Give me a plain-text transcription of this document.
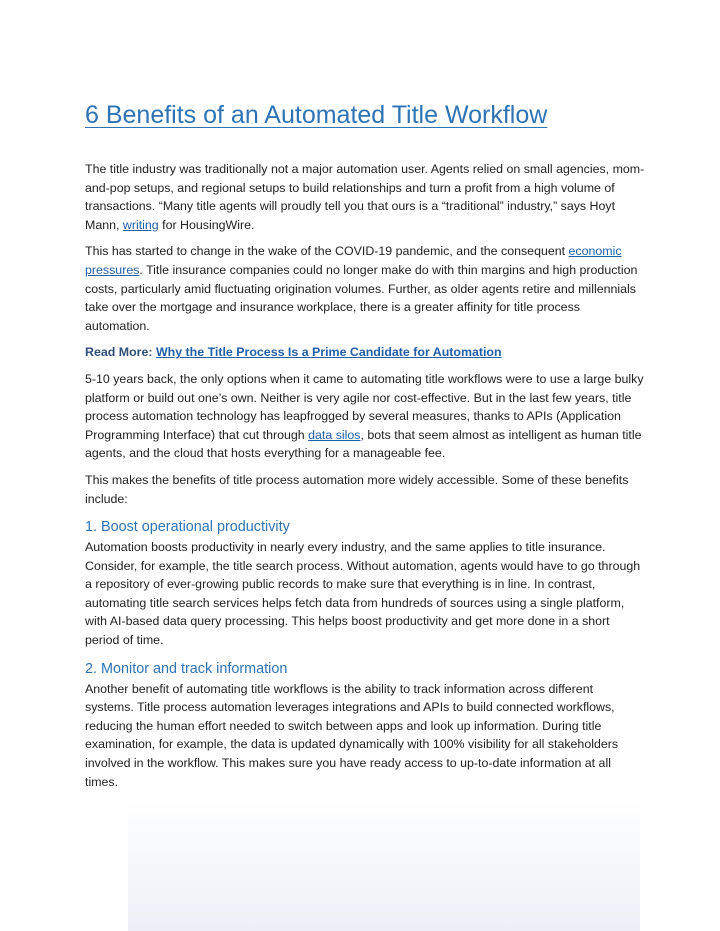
6 Benefits of an Automated Title Workflow

The title industry was traditionally not a major automation user. Agents relied on small agencies, mom-and-pop setups, and regional setups to build relationships and turn a profit from a high volume of transactions. “Many title agents will proudly tell you that ours is a “traditional” industry,” says Hoyt Mann, writing for HousingWire.

This has started to change in the wake of the COVID-19 pandemic, and the consequent economic pressures. Title insurance companies could no longer make do with thin margins and high production costs, particularly amid fluctuating origination volumes. Further, as older agents retire and millennials take over the mortgage and insurance workplace, there is a greater affinity for title process automation.

Read More: Why the Title Process Is a Prime Candidate for Automation

5-10 years back, the only options when it came to automating title workflows were to use a large bulky platform or build out one’s own. Neither is very agile nor cost-effective. But in the last few years, title process automation technology has leapfrogged by several measures, thanks to APIs (Application Programming Interface) that cut through data silos, bots that seem almost as intelligent as human title agents, and the cloud that hosts everything for a manageable fee.

This makes the benefits of title process automation more widely accessible. Some of these benefits include:

1. Boost operational productivity

Automation boosts productivity in nearly every industry, and the same applies to title insurance. Consider, for example, the title search process. Without automation, agents would have to go through a repository of ever-growing public records to make sure that everything is in line. In contrast, automating title search services helps fetch data from hundreds of sources using a single platform, with AI-based data query processing. This helps boost productivity and get more done in a short period of time.

2. Monitor and track information

Another benefit of automating title workflows is the ability to track information across different systems. Title process automation leverages integrations and APIs to build connected workflows, reducing the human effort needed to switch between apps and look up information. During title examination, for example, the data is updated dynamically with 100% visibility for all stakeholders involved in the workflow. This makes sure you have ready access to up-to-date information at all times.
